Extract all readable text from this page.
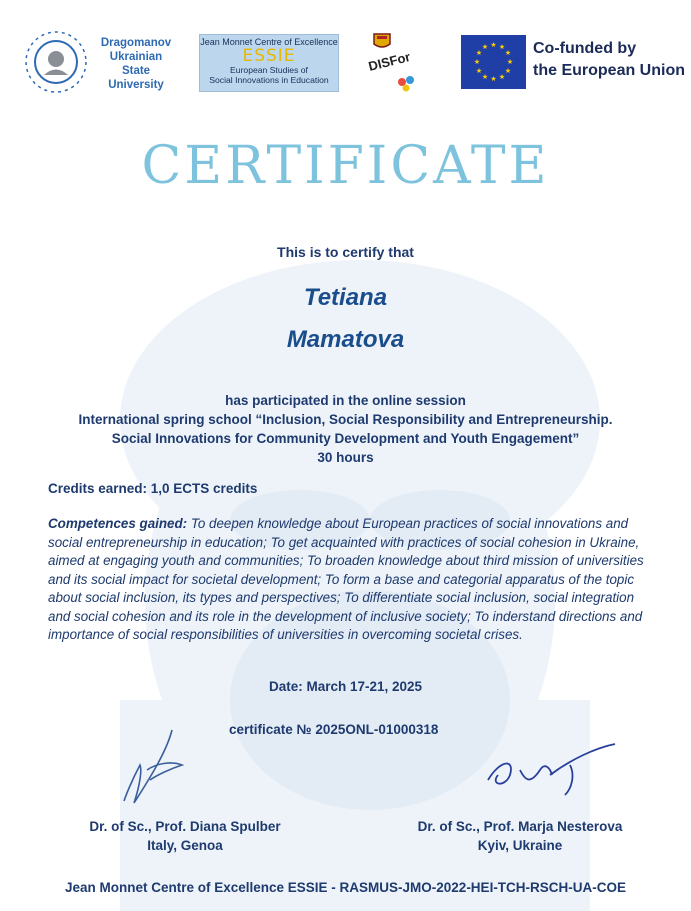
Dragomanov
Ukrainian
State
University
Jean Monnet Centre of Excellence
ESSIE
European Studies of
Social Innovations in Education
DISFor
★ ★
★
★
★
★
★
★
★
★
★
★	Co-funded by
the European Union
CERTIFICATE
This is to certify that
Tetiana
Mamatova
has participated in the online session
International spring school “Inclusion, Social Responsibility and Entrepreneurship. Social Innovations for Community Development and Youth Engagement”
30 hours
Credits earned: 1,0 ECTS credits
Competences gained: To deepen knowledge about European practices of social innovations and social entrepreneurship in education; To get acquainted with practices of social cohesion in Ukraine, aimed at engaging youth and communities; To broaden knowledge about third mission of universities and its social impact for societal development; To form a base and categorial apparatus of the topic about social inclusion, its types and perspectives; To differentiate social inclusion, social integration and social cohesion and its role in the development of inclusive society; To inderstand directions and importance of social responsibilities of universities in overcoming societal crises.
Date: March 17-21, 2025
certificate № 2025ONL-01000318
Dr. of Sc., Prof. Diana Spulber
Italy, Genoa
Dr. of Sc., Prof. Marja Nesterova
Kyiv, Ukraine
Jean Monnet Centre of Excellence ESSIE - RASMUS-JMO-2022-HEI-TCH-RSCH-UA-COE
